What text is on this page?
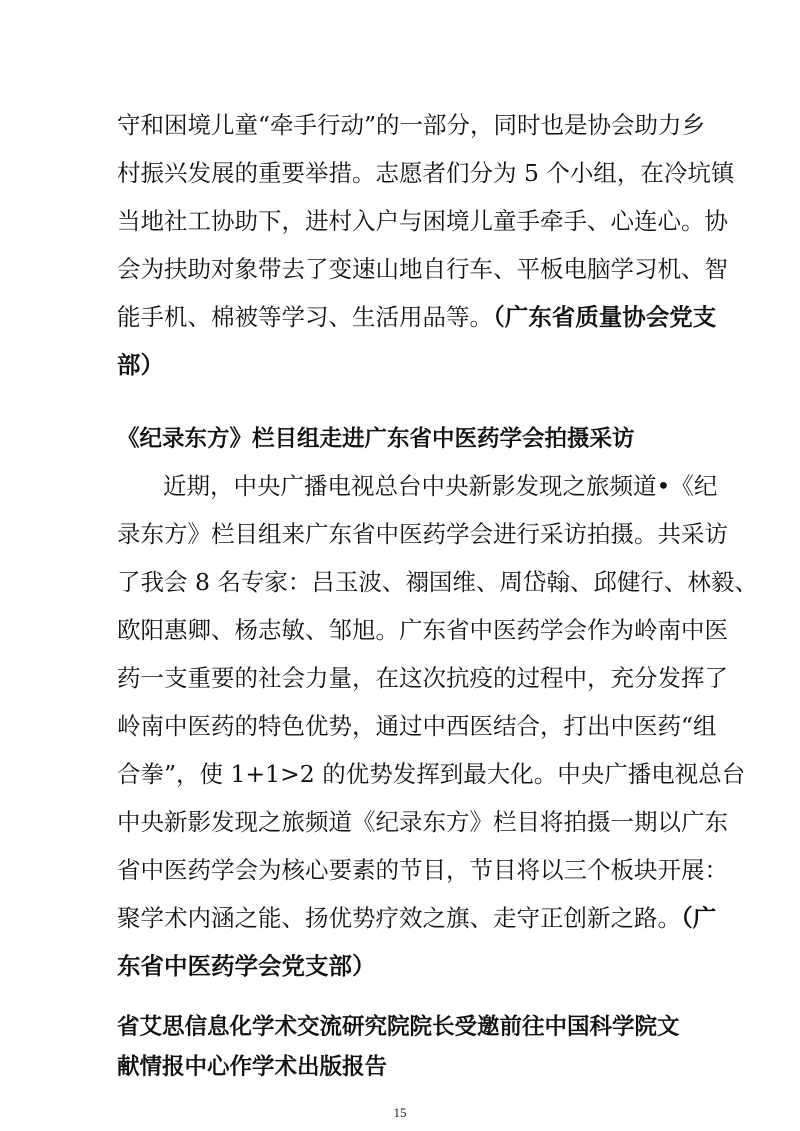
守和困境儿童“牵手行动”的一部分，同时也是协会助力乡
村振兴发展的重要举措。志愿者们分为 5 个小组，在冷坑镇
当地社工协助下，进村入户与困境儿童手牵手、心连心。协
会为扶助对象带去了变速山地自行车、平板电脑学习机、智
能手机、棉被等学习、生活用品等。（广东省质量协会党支
部）
《纪录东方》栏目组走进广东省中医药学会拍摄采访
近期，中央广播电视总台中央新影发现之旅频道•《纪
录东方》栏目组来广东省中医药学会进行采访拍摄。共采访
了我会 8 名专家：吕玉波、禤国维、周岱翰、邱健行、林毅、
欧阳惠卿、杨志敏、邹旭。广东省中医药学会作为岭南中医
药一支重要的社会力量，在这次抗疫的过程中，充分发挥了
岭南中医药的特色优势，通过中西医结合，打出中医药“组
合拳”，使 1+1>2 的优势发挥到最大化。中央广播电视总台
中央新影发现之旅频道《纪录东方》栏目将拍摄一期以广东
省中医药学会为核心要素的节目，节目将以三个板块开展：
聚学术内涵之能、扬优势疗效之旗、走守正创新之路。（广
东省中医药学会党支部）
省艾思信息化学术交流研究院院长受邀前往中国科学院文
献情报中心作学术出版报告
15
